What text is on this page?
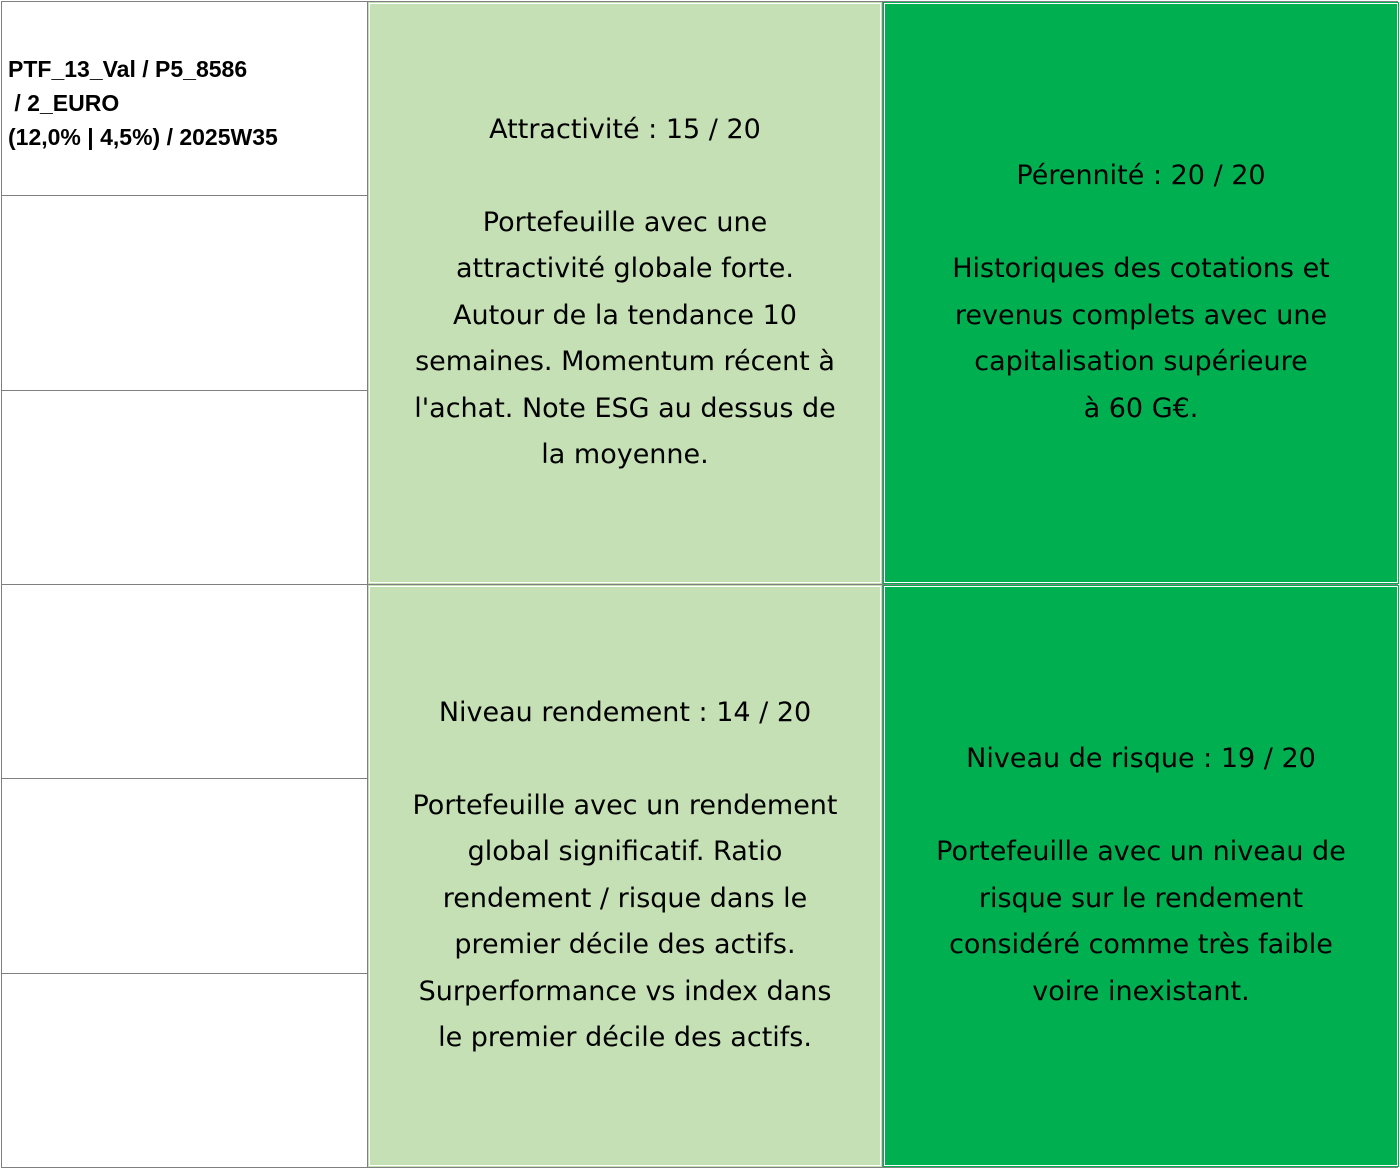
PTF_13_Val / P5_8586
/ 2_EURO
(12,0% | 4,5%) / 2025W35	Attractivité : 15 / 20
Portefeuille avec une
attractivité globale forte.
Autour de la tendance 10
semaines. Momentum récent à
l'achat. Note ESG au dessus de
la moyenne.
Pérennité : 20 / 20
Historiques des cotations et
revenus complets avec une
capitalisation supérieure
à 60 G€.
Niveau rendement : 14 / 20
Portefeuille avec un rendement
global significatif. Ratio
rendement / risque dans le
premier décile des actifs.
Surperformance vs index dans
le premier décile des actifs.
Niveau de risque : 19 / 20
Portefeuille avec un niveau de
risque sur le rendement
considéré comme très faible
voire inexistant.
